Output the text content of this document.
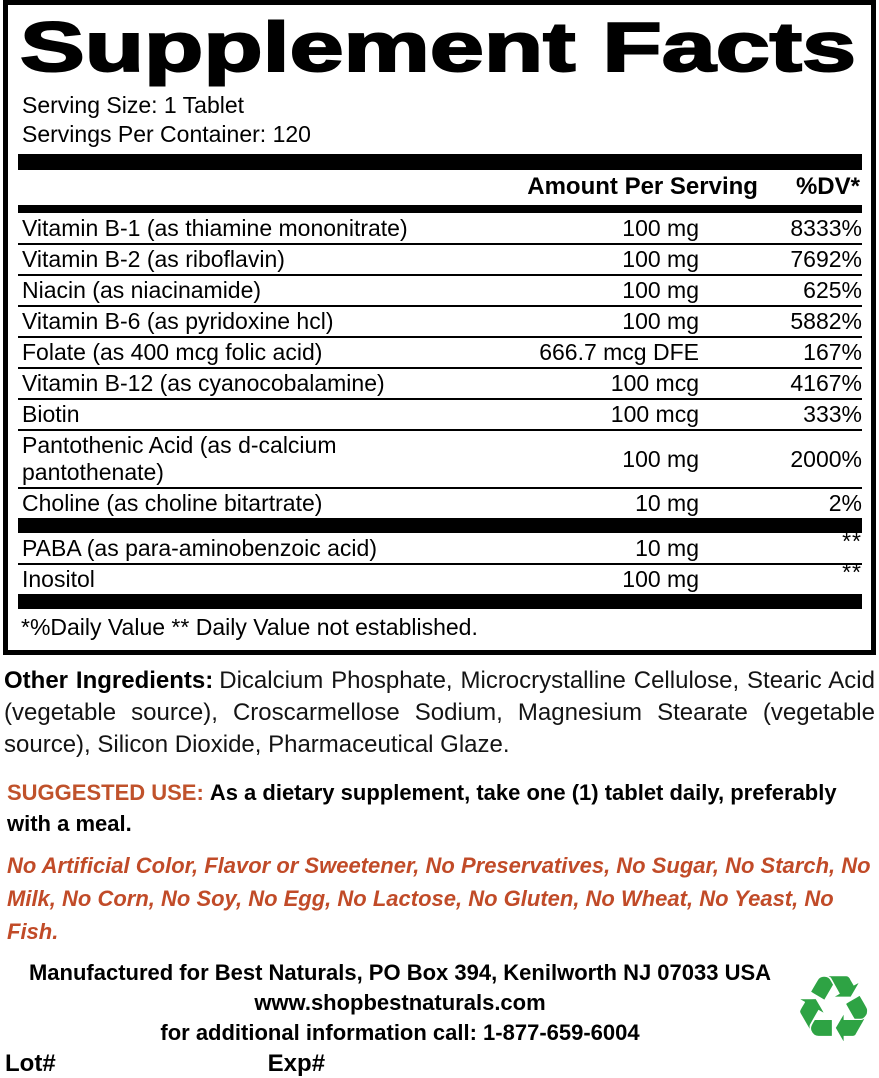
Supplement Facts
Serving Size: 1 Tablet
Servings Per Container: 120
Amount Per Serving %DV*
Vitamin B-1 (as thiamine mononitrate)	100 mg	8333%
Vitamin B-2 (as riboflavin)	100 mg	7692%
Niacin (as niacinamide)	100 mg	625%
Vitamin B-6 (as pyridoxine hcl)	100 mg	5882%
Folate (as 400 mcg folic acid)	666.7 mcg DFE	167%
Vitamin B-12 (as cyanocobalamine)	100 mcg	4167%
Biotin	100 mcg	333%
Pantothenic Acid (as d-calcium pantothenate)
100 mg	2000%
Choline (as choline bitartrate)	10 mg	2%
PABA (as para-aminobenzoic acid)	10 mg	**
Inositol	100 mg	**
*%Daily Value ** Daily Value not established.

Other Ingredients: Dicalcium Phosphate, Microcrystalline Cellulose, Stearic Acid (vegetable source), Croscarmellose Sodium, Magnesium Stearate (vegetable source), Silicon Dioxide, Pharmaceutical Glaze.

SUGGESTED USE: As a dietary supplement, take one (1) tablet daily, preferably with a meal.

No Artificial Color, Flavor or Sweetener, No Preservatives, No Sugar, No Starch, No Milk, No Corn, No Soy, No Egg, No Lactose, No Gluten, No Wheat, No Yeast, No Fish.

Manufactured for Best Naturals, PO Box 394, Kenilworth NJ 07033 USA
www.shopbestnaturals.com
for additional information call: 1-877-659-6004	♻
Lot#	Exp#
